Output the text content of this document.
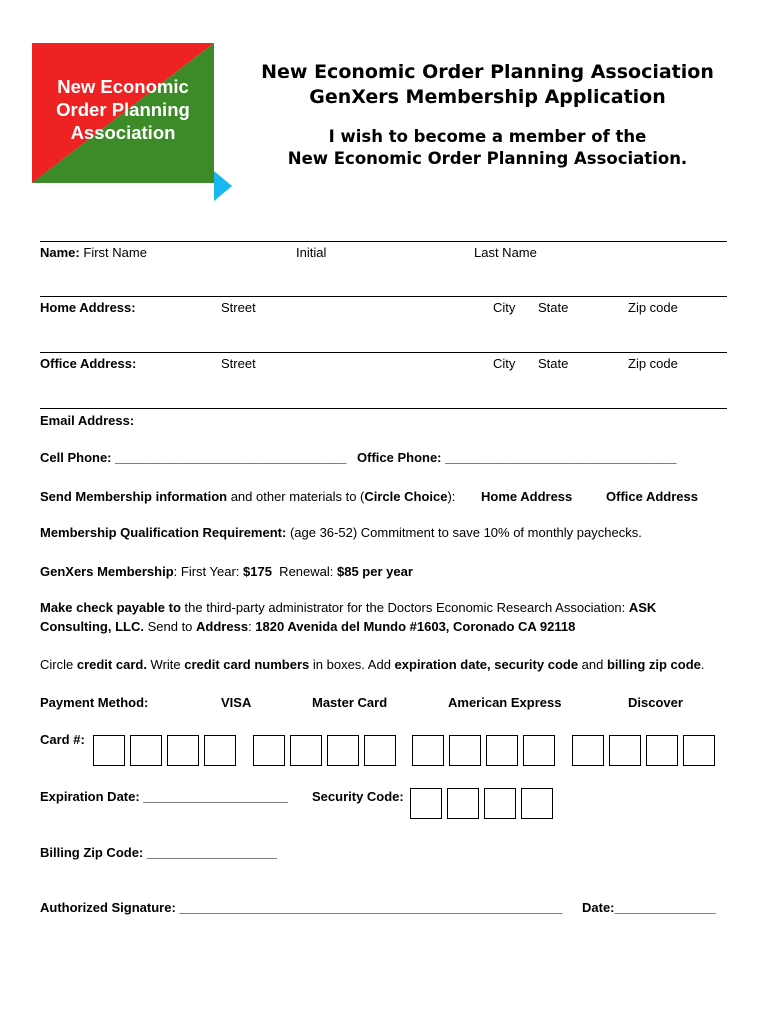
New Economic
Order Planning
Association
New Economic Order Planning Association
GenXers Membership Application
I wish to become a member of the
New Economic Order Planning Association.
Name: First Name	Initial	Last Name
Home Address:	Street	City State	Zip code
Office Address:	Street	City State	Zip code
Email Address:
Cell Phone: ________________________________ Office Phone: ________________________________
Send Membership information and other materials to (Circle Choice): Home Address	Office Address
Membership Qualification Requirement: (age 36-52) Commitment to save 10% of monthly paychecks.
GenXers Membership: First Year: $175  Renewal: $85 per year
Make check payable to the third-party administrator for the Doctors Economic Research Association: ASK
Consulting, LLC. Send to Address: 1820 Avenida del Mundo #1603, Coronado CA 92118
Circle credit card. Write credit card numbers in boxes. Add expiration date, security code and billing zip code.
Payment Method:	VISA	Master Card	American Express	Discover
Card #:
Expiration Date: ____________________ Security Code:
Billing Zip Code: __________________
Authorized Signature: _____________________________________________________ Date:______________
